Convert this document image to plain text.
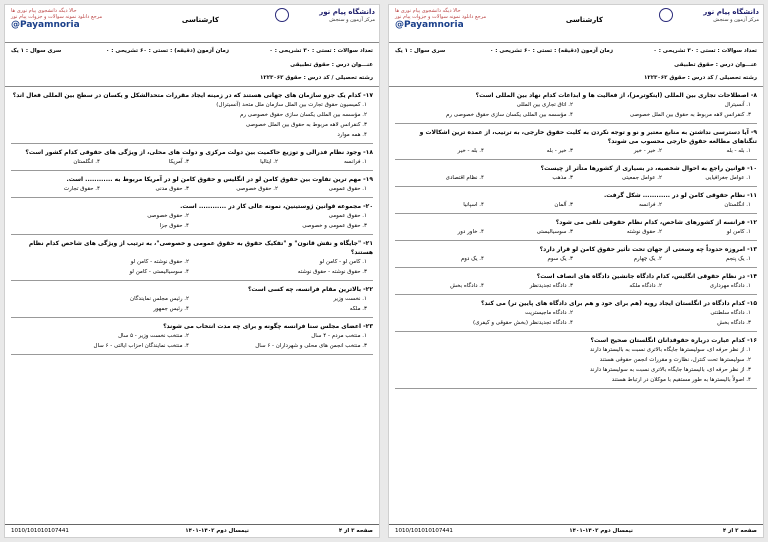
دانشگاه پیام نور
مرکز آزمون و سنجش
کارشناسی
حالا دیگه دانشجوی پیام نوری ها
مرجع دانلود نمونه سوالات و جزوات پیام نور
@Payamnoria
تعداد سوالات : تستی : ۳۰ تشریحی : ۰
زمان آزمون (دقیقه) : تستی : ۶۰ تشریحی : ۰
سری سوال : ۱ یک
عنـــوان درس : حقوق تطبیقی
رشته تحصیلی / کد درس : حقوق ۱۲۲۳۰۶۲
۱۷- کدام یک جزو سازمان های جهانی هستند که در زمینه ایجاد مقررات متحدالشکل و یکسان در سطح بین المللی فعال اند؟
۱. کمیسیون حقوق تجارت بین الملل سازمان ملل متحد (آنسیترال)
۲. مؤسسه بین المللی یکسان سازی حقوق خصوصی رم
۳. کنفرانس لاهه مربوط به حقوق بین الملل خصوصی
۴. همه موارد
۱۸- وجود نظام فدرالی و توزیع حاکمیت بین دولت مرکزی و دولت های محلی، از ویژگی های حقوقی کدام کشور است؟
۱. فرانسه
۲. ایتالیا
۳. آمریکا
۴. انگلستان
۱۹- مهم ترین تفاوت بین حقوق کامن لو در انگلیس و حقوق کامن لو در آمریکا مربوط به ............ است.
۱. حقوق عمومی
۲. حقوق خصوصی
۳. حقوق مدنی
۴. حقوق تجارت
۲۰- مجموعه قوانین ژوستینین، نمونه عالی کار در ............ است.
۱. حقوق عمومی
۲. حقوق خصوصی
۳. حقوق عمومی و خصوصی
۴. حقوق جزا
۲۱- "جایگاه و نقش قانون" و "تفکیک حقوق به حقوق عمومی و خصوصی"، به ترتیب از ویژگی های شاخص کدام نظام هستند؟
۱. کامن لو - کامن لو
۲. حقوق نوشته - کامن لو
۳. حقوق نوشته - حقوق نوشته
۴. سوسیالیستی - کامن لو
۲۲- بالاترین مقام فرانسه، چه کسی است؟
۱. نخست وزیر
۲. رئیس مجلس نمایندگان
۳. ملکه
۴. رئیس جمهور
۲۳- اعضای مجلس سنا فرانسه چگونه و برای چه مدت انتخاب می شوند؟
۱. منتخب مردم - ۴ سال
۲. منتخب نخست وزیر - ۵ سال
۳. منتخب انجمن های محلی و شهرداران - ۶ سال
۴. منتخب نمایندگان احزاب ایالتی - ۶ سال
صفحه ۳ از ۴
نیمسال دوم ۱۴۰۲-۱۴۰۱
1010/101010107441
دانشگاه پیام نور
مرکز آزمون و سنجش
کارشناسی
حالا دیگه دانشجوی پیام نوری ها
مرجع دانلود نمونه سوالات و جزوات پیام نور
@Payamnoria
تعداد سوالات : تستی : ۳۰ تشریحی : ۰
زمان آزمون (دقیقه) : تستی : ۶۰ تشریحی : ۰
سری سوال : ۱ یک
عنـــوان درس : حقوق تطبیقی
رشته تحصیلی / کد درس : حقوق ۱۲۲۳۰۶۲
۸- اصطلاحات تجاری بین المللی (اینکوترمز)، از فعالیت ها و ابداعات کدام نهاد بین المللی است؟
۱. آنسیترال
۲. اتاق تجاری بین المللی
۳. کنفرانس لاهه مربوط به حقوق بین الملل خصوصی
۴. مؤسسه بین المللی یکسان سازی حقوق خصوصی رم
۹- آیا دسترسی نداشتن به منابع معتبر و نو و توجه نکردن به کلیت حقوق خارجی، به ترتیب، از عمده ترین اشکالات و تنگناهای مطالعه حقوق خارجی محسوب می شوند؟
۱. بله - بله
۲. خیر - خیر
۳. خیر - بله
۴. بله - خیر
۱۰- قوانین راجع به احوال شخصیه، در بسیاری از کشورها متأثر از چیست؟
۱. عوامل جغرافیایی
۲. عوامل جمعیتی
۳. مذهب
۴. نظام اقتصادی
۱۱- نظام حقوقی کامن لو در ............ شکل گرفت.
۱. انگلستان
۲. فرانسه
۳. آلمان
۴. اسپانیا
۱۲- فرانسه از کشورهای شاخص، کدام نظام حقوقی تلقی می شود؟
۱. کامن لو
۲. حقوق نوشته
۳. سوسیالیستی
۴. خاور دور
۱۳- امروزه حدوداً چه وسعتی از جهان تحت تأثیر حقوق کامن لو قرار دارد؟
۱. یک پنجم
۲. یک چهارم
۳. یک سوم
۴. یک دوم
۱۴- در نظام حقوقی انگلیس، کدام دادگاه جانشین دادگاه های انصاف است؟
۱. دادگاه مهرداری
۲. دادگاه ملکه
۳. دادگاه تجدیدنظر
۴. دادگاه بخش
۱۵- کدام دادگاه در انگلستان ایجاد رویه (هم برای خود و هم برای دادگاه های پایین تر) می کند؟
۱. دادگاه سلطنتی
۲. دادگاه ماجیستریت
۳. دادگاه بخش
۴. دادگاه تجدیدنظر (بخش حقوقی و کیفری)
۱۶- کدام عبارت درباره حقوقدانان انگلستان صحیح است؟
۱. از نظر حرفه ای، سولیسترها جایگاه بالاتری نسبت به بالیسترها دارند
۲. سولیسترها تحت کنترل، نظارت و مقررات انجمن حقوقی هستند
۳. از نظر حرفه ای، بالیسترها جایگاه بالاتری نسبت به سولیسترها دارند
۴. اصولاً بالیسترها به طور مستقیم با موکلان در ارتباط هستند
صفحه ۲ از ۴
نیمسال دوم ۱۴۰۲-۱۴۰۱
1010/101010107441
